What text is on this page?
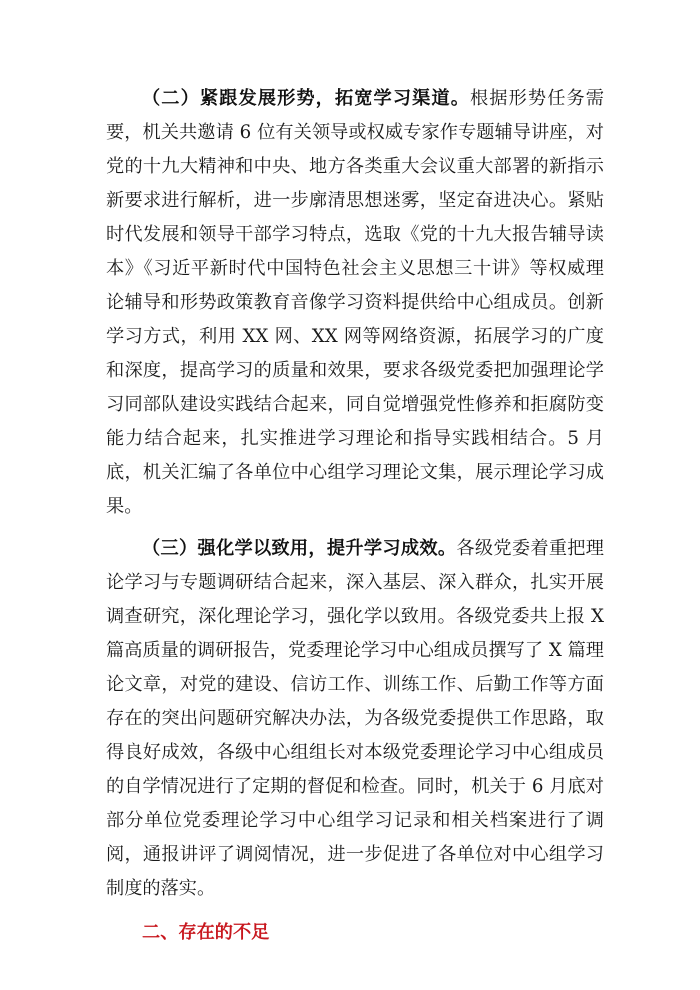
（二）紧跟发展形势，拓宽学习渠道。根据形势任务需要，机关共邀请 6 位有关领导或权威专家作专题辅导讲座，对党的十九大精神和中央、地方各类重大会议重大部署的新指示新要求进行解析，进一步廓清思想迷雾，坚定奋进决心。紧贴时代发展和领导干部学习特点，选取《党的十九大报告辅导读本》《习近平新时代中国特色社会主义思想三十讲》等权威理论辅导和形势政策教育音像学习资料提供给中心组成员。创新学习方式，利用 XX 网、XX 网等网络资源，拓展学习的广度和深度，提高学习的质量和效果，要求各级党委把加强理论学习同部队建设实践结合起来，同自觉增强党性修养和拒腐防变能力结合起来，扎实推进学习理论和指导实践相结合。5 月底，机关汇编了各单位中心组学习理论文集，展示理论学习成果。

（三）强化学以致用，提升学习成效。各级党委着重把理论学习与专题调研结合起来，深入基层、深入群众，扎实开展调查研究，深化理论学习，强化学以致用。各级党委共上报 X 篇高质量的调研报告，党委理论学习中心组成员撰写了 X 篇理论文章，对党的建设、信访工作、训练工作、后勤工作等方面存在的突出问题研究解决办法，为各级党委提供工作思路，取得良好成效，各级中心组组长对本级党委理论学习中心组成员的自学情况进行了定期的督促和检查。同时，机关于 6 月底对部分单位党委理论学习中心组学习记录和相关档案进行了调阅，通报讲评了调阅情况，进一步促进了各单位对中心组学习制度的落实。

二、存在的不足
